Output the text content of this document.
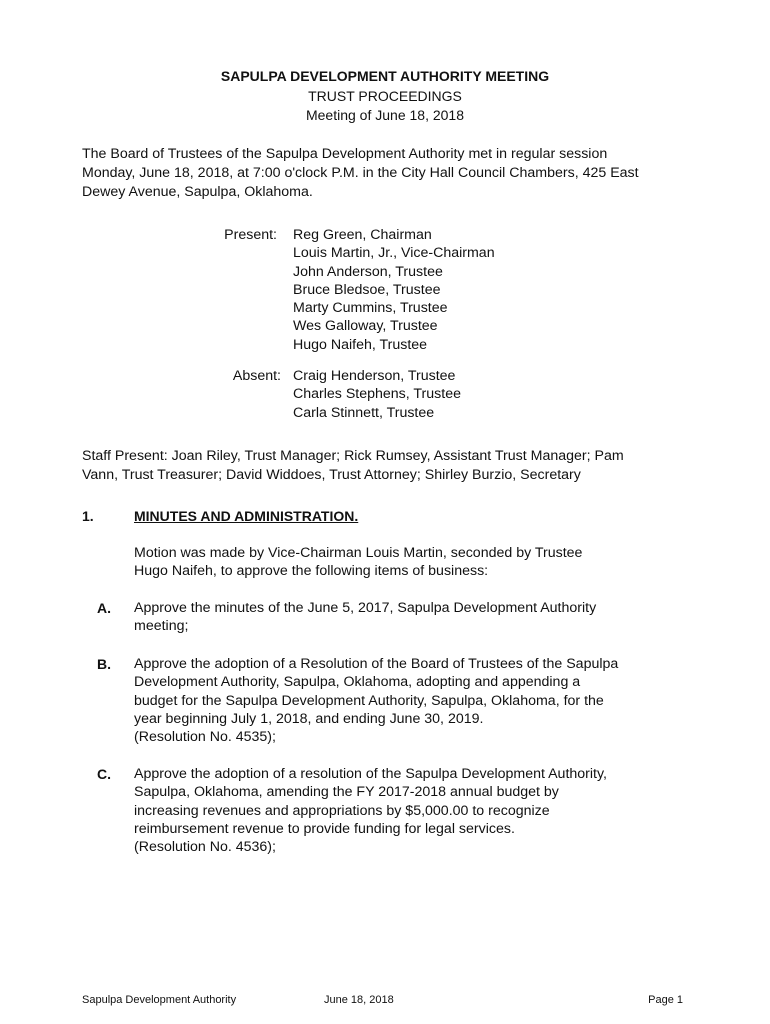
SAPULPA DEVELOPMENT AUTHORITY MEETING
TRUST PROCEEDINGS
Meeting of June 18, 2018
The Board of Trustees of the Sapulpa Development Authority met in regular session
Monday, June 18, 2018, at 7:00 o'clock P.M. in the City Hall Council Chambers, 425 East
Dewey Avenue, Sapulpa, Oklahoma.
Present: Reg Green, Chairman
Louis Martin, Jr., Vice-Chairman
John Anderson, Trustee
Bruce Bledsoe, Trustee
Marty Cummins, Trustee
Wes Galloway, Trustee
Hugo Naifeh, Trustee
Absent: Craig Henderson, Trustee
Charles Stephens, Trustee
Carla Stinnett, Trustee
Staff Present: Joan Riley, Trust Manager; Rick Rumsey, Assistant Trust Manager; Pam
Vann, Trust Treasurer; David Widdoes, Trust Attorney; Shirley Burzio, Secretary
1.	MINUTES AND ADMINISTRATION.
Motion was made by Vice-Chairman Louis Martin, seconded by Trustee
Hugo Naifeh, to approve the following items of business:
A. Approve the minutes of the June 5, 2017, Sapulpa Development Authority
meeting;
B. Approve the adoption of a Resolution of the Board of Trustees of the Sapulpa
Development Authority, Sapulpa, Oklahoma, adopting and appending a
budget for the Sapulpa Development Authority, Sapulpa, Oklahoma, for the
year beginning July 1, 2018, and ending June 30, 2019.
(Resolution No. 4535);
C. Approve the adoption of a resolution of the Sapulpa Development Authority,
Sapulpa, Oklahoma, amending the FY 2017-2018 annual budget by
increasing revenues and appropriations by $5,000.00 to recognize
reimbursement revenue to provide funding for legal services.
(Resolution No. 4536);
Sapulpa Development Authority	June 18, 2018	Page 1
